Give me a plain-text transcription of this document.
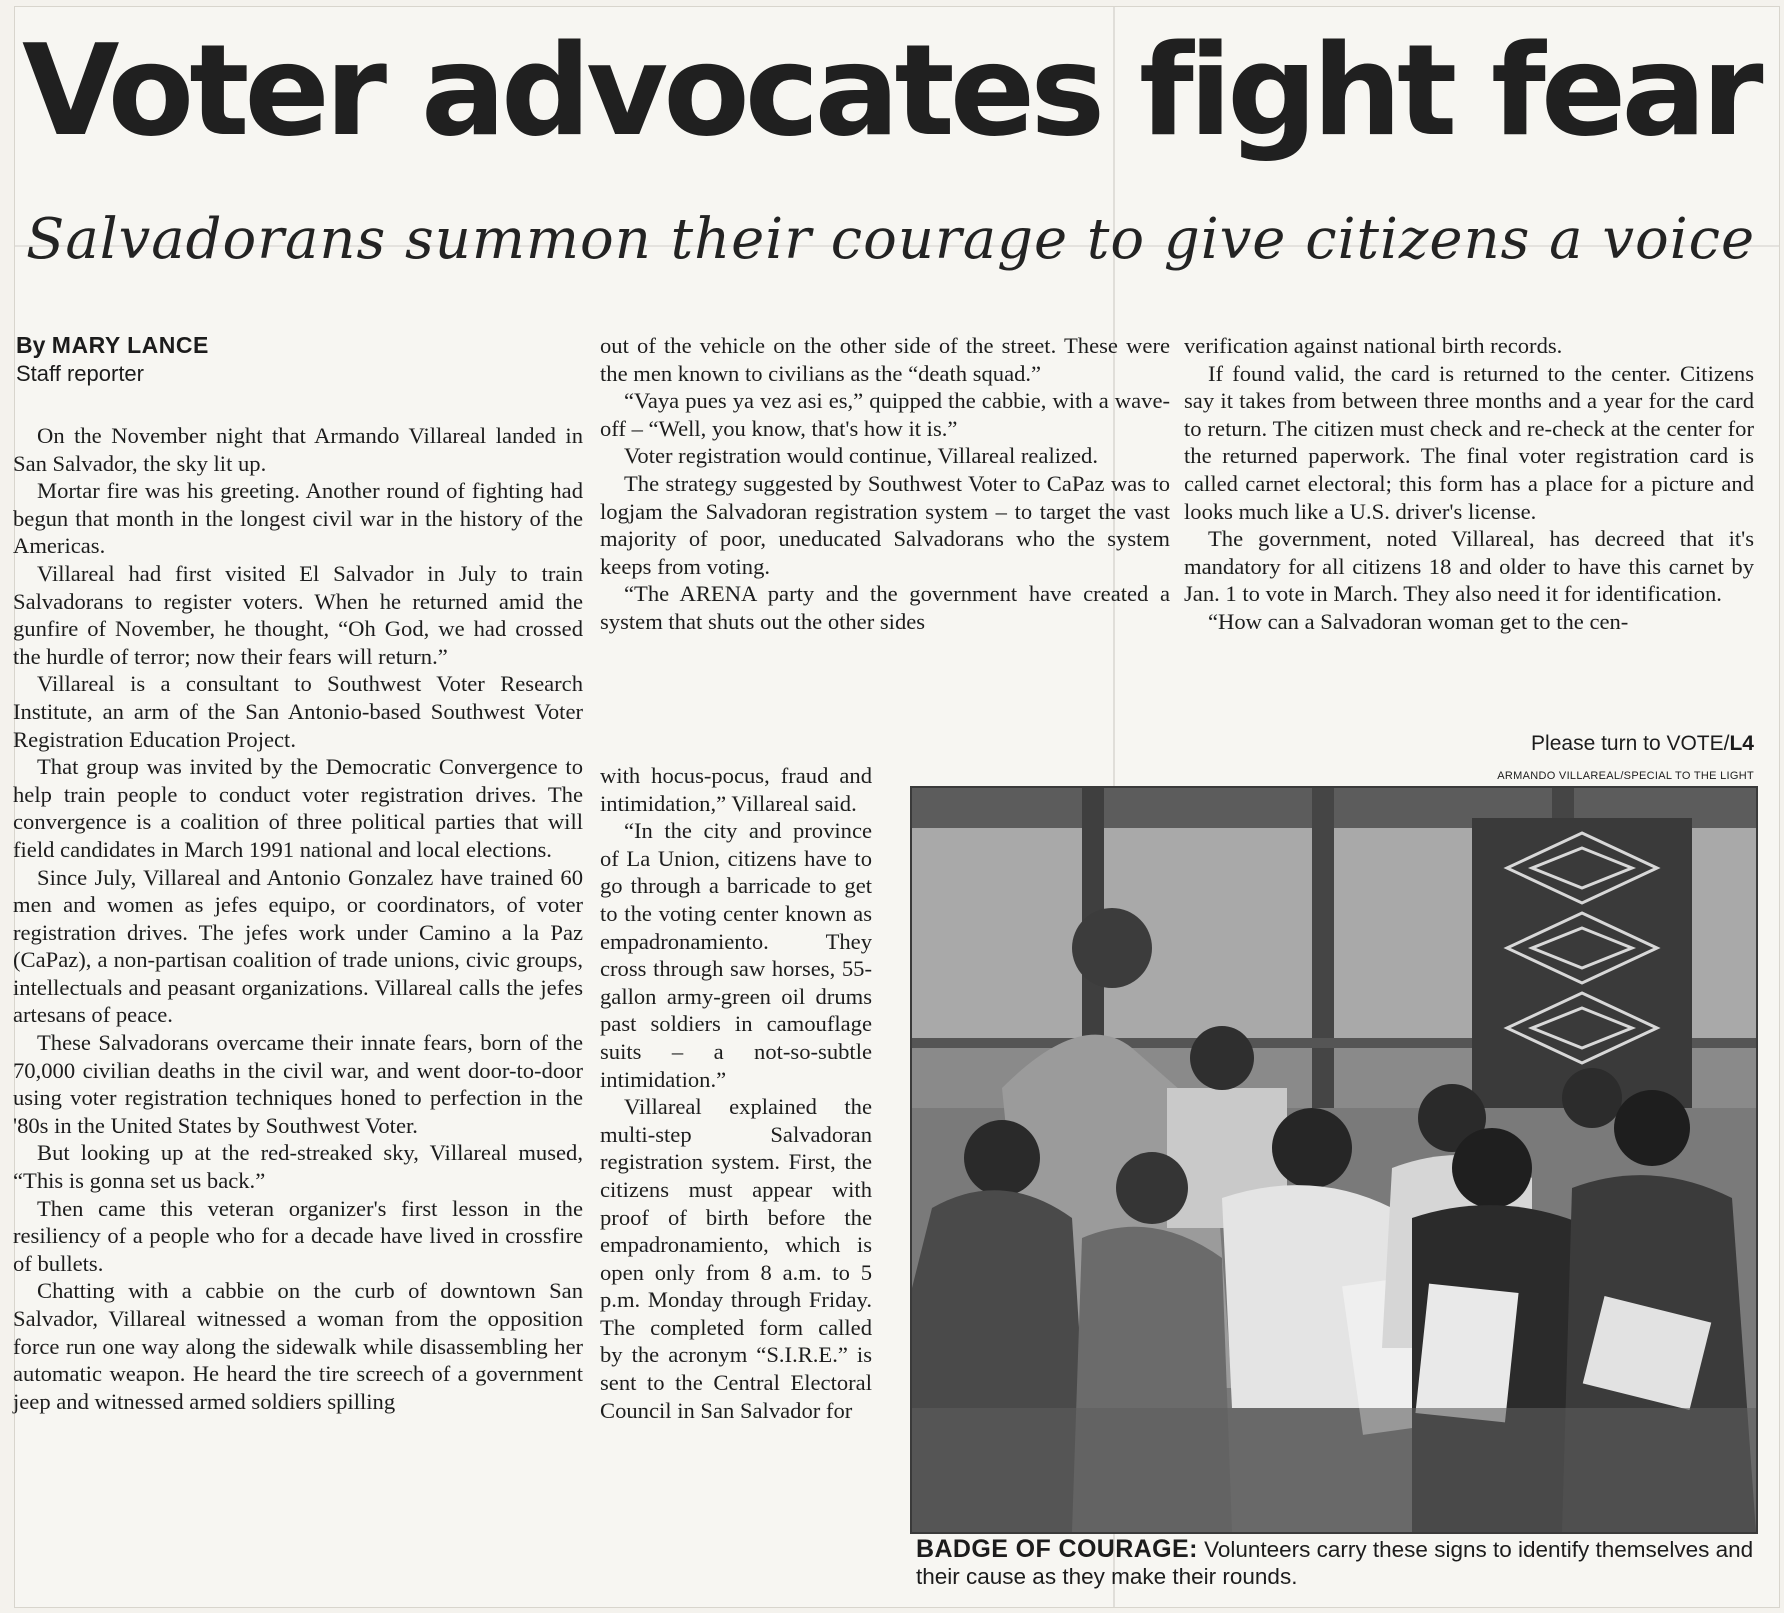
Voter advocates fight fear
Salvadorans summon their courage to give citizens a voice
By MARY LANCE
Staff reporter

On the November night that Armando Villareal landed in San Salvador, the sky lit up.

Mortar fire was his greeting. Another round of fighting had begun that month in the longest civil war in the history of the Americas.

Villareal had first visited El Salvador in July to train Salvadorans to register voters. When he returned amid the gunfire of November, he thought, “Oh God, we had crossed the hurdle of terror; now their fears will return.”

Villareal is a consultant to Southwest Voter Research Institute, an arm of the San Antonio-based Southwest Voter Registration Education Project.

That group was invited by the Democratic Convergence to help train people to conduct voter registration drives. The convergence is a coalition of three political parties that will field candidates in March 1991 national and local elections.

Since July, Villareal and Antonio Gonzalez have trained 60 men and women as jefes equipo, or coordinators, of voter registration drives. The jefes work under Camino a la Paz (CaPaz), a non-partisan coalition of trade unions, civic groups, intellectuals and peasant organizations. Villareal calls the jefes artesans of peace.

These Salvadorans overcame their innate fears, born of the 70,000 civilian deaths in the civil war, and went door-to-door using voter registration techniques honed to perfection in the '80s in the United States by Southwest Voter.

But looking up at the red-streaked sky, Villareal mused, “This is gonna set us back.”

Then came this veteran organizer's first lesson in the resiliency of a people who for a decade have lived in crossfire of bullets.

Chatting with a cabbie on the curb of downtown San Salvador, Villareal witnessed a woman from the opposition force run one way along the sidewalk while disassembling her automatic weapon. He heard the tire screech of a government jeep and witnessed armed soldiers spilling

out of the vehicle on the other side of the street. These were the men known to civilians as the “death squad.”

“Vaya pues ya vez asi es,” quipped the cabbie, with a wave-off – “Well, you know, that's how it is.”

Voter registration would continue, Villareal realized.

The strategy suggested by Southwest Voter to CaPaz was to logjam the Salvadoran registration system – to target the vast majority of poor, uneducated Salvadorans who the system keeps from voting.

“The ARENA party and the government have created a system that shuts out the other sides

with hocus-pocus, fraud and intimidation,” Villareal said.

“In the city and province of La Union, citizens have to go through a barricade to get to the voting center known as empadronamiento. They cross through saw horses, 55-gallon army-green oil drums past soldiers in camouflage suits – a not-so-subtle intimidation.”

Villareal explained the multi-step Salvadoran registration system. First, the citizens must appear with proof of birth before the empadronamiento, which is open only from 8 a.m. to 5 p.m. Monday through Friday. The completed form called by the acronym “S.I.R.E.” is sent to the Central Electoral Council in San Salvador for

verification against national birth records.

If found valid, the card is returned to the center. Citizens say it takes from between three months and a year for the card to return. The citizen must check and re-check at the center for the returned paperwork. The final voter registration card is called carnet electoral; this form has a place for a picture and looks much like a U.S. driver's license.

The government, noted Villareal, has decreed that it's mandatory for all citizens 18 and older to have this carnet by Jan. 1 to vote in March. They also need it for identification.

“How can a Salvadoran woman get to the cen-

Please turn to VOTE/L4
ARMANDO VILLAREAL/SPECIAL TO THE LIGHT
BADGE OF COURAGE: Volunteers carry these signs to identify themselves and their cause as they make their rounds.
